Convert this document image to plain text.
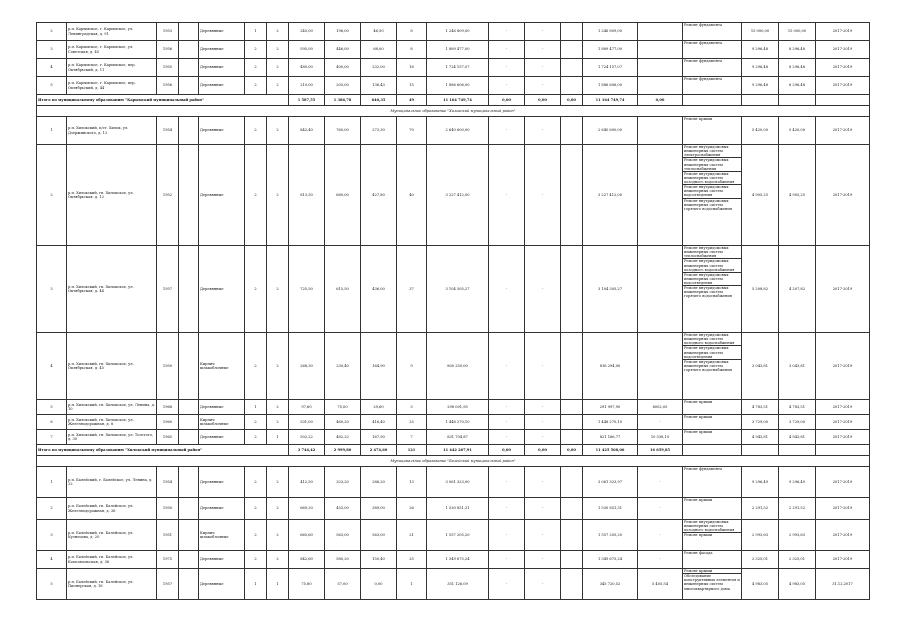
2	р.п. Карымское, г. Карымское, ул. Ленинградская, д. 91	1953		Деревянные	1	2	245,00	196,00	46,50	8	1 246 809,00	-	-		1 246 809,00		Ремонт фундамента	15 000,00	15 000,00	2017-2019
3	р.п. Карымское, г. Карымское, ул. Советская, д. 45	1956		Деревянные	2	2	595,00	446,00	68,00	8	1 889 477,00	-	-		1 889 477,00		Ремонт фундамента	9 296,48	8 296,48	2017-2019
4	р.п. Карымское, г. Карымское, пер. Октябрьский, д. 11	1955		Деревянные	2	2	480,00	400,00	232,00	16	1 724 157,07	-	-		1 724 157,07		Ремонт фундамента	9 296,48	8 296,48	2017-2019
5	р.п. Карымское, г. Карымское, пер. Октябрьский, д. 44	1956		Деревянные	2	2	210,00	205,00	136,43	15	1 886 606,00	-	-		1 886 606,00		Ремонт фундамента	9 296,48	8 296,48	2017-2019
Итого по муниципальному образованию "Карымский муниципальный район"							1 587,55	1 386,78	640,35	49	11 164 749,74	0,00	0,00	0,00	11 164 749,74	0,00				
Муниципальное образование "Хилокский муниципальный район"																				
1	р.п. Хилокский, п/ст. Хилок, ул. Дзержинского, д. 12	1954		Деревянные	2	2	842,40	760,00	273,30	70	2 640 600,00	-	-		2 640 600,00		Ремонт крыши	5 420,00	5 420,00	2017-2019
2	р.п. Хилокский, гп. Хилокское, ул. Октябрьская, д. 12	1952		Деревянные	2	2	813,50	680,00	427,80	40	3 227 412,00	-	-		3 227 412,00		Ремонт внутридомовых инженерных систем электроснабжения
Ремонт внутридомовых инженерных систем теплоснабжения
Ремонт внутридомовых инженерных систем холодного водоснабжения
Ремонт внутридомовых инженерных систем водоотведения
Ремонт внутридомовых инженерных систем горячего водоснабжения	4 905,25	4 905,25	2017-2019
3	р.п. Хилокский, гп. Хилокское, ул. Октябрьская, д. 44	1957		Деревянные	2	2	725,50	615,50	436,00	37	3 104 305,27	-	-		3 104 305,27		Ремонт внутридомовых инженерных систем теплоснабжения
Ремонт внутридомовых инженерных систем холодного водоснабжения
Ремонт внутридомовых инженерных систем водоотведения
Ремонт внутридомовых инженерных систем горячего водоснабжения	5 208,82	4 207,82	2017-2019
4	р.п. Хилокский, гп. Хилокское, ул. Октябрьская, д. 45	1950		Кирпич шлакоблочные	2	2	268,30	230,40	164,90	9	800 250,00	-	-		816 294,00		Ремонт внутридомовых инженерных систем холодного водоснабжения
Ремонт внутридомовых инженерных систем водоотведения
Ремонт внутридомовых инженерных систем горячего водоснабжения	3 043,81	3 043,81	2017-2019
5	р.п. Хилокский, гп. Хилокское, ул. Ленина, д. 10	1968		Деревянные	1	2	97,60	75,00	29,60	3	298 001,95	-	-		291 997,90	6002,05	Ремонт крыши	4 783,51	4 783,51	2017-2019
6	р.п. Хилокский, гп. Хилокское, ул. Железнодорожная, д. 8	1960		Кирпич шлакоблочные	2	2	531,00	460,20	416,40	25	1 448 270,10	-	-		1 448 270,10	-	Ремонт крыши	3 729,00	3 729,00	2017-2019
7	р.п. Хилокский, гп. Хилокское, ул. Толстого, д. 30	1965		Деревянные	2	1	502,22	482,22	167,90	7	831 704,87	-	-		821 166,77	10 538,10	Ремонт крыши	4 943,81	4 943,81	2017-2019
Итого по муниципальному образованию "Хилокский муниципальный район"							3 744,42	2 999,80	2 474,60	121	11 442 267,91	0,00	0,00	0,00	11 425 508,06	16 659,85				
Муниципальное образование "Балейский муниципальный район"																				
1	р.п. Балейский, г. Балейское, ул. Ленина, д. 22	1954		Деревянные	2	2	412,50	323,20	286,20	13	3 061 323,00	-	-		3 061 323,97	-	Ремонт фундамента	9 296,49	9 296,49	2017-2019
2	р.п. Балейский, гп. Балейское, ул. Железнодорожная, д. 36	1950		Деревянные	2	2	669,20	453,00	389,00	26	1 530 851,31	-	-		1 530 851,31	-	Ремонт крыши	2 291,52	2 291,52	2017-2019
3	р.п. Балейский, гп. Балейское, ул. Кузнецова, д. 20	1951		Кирпич шлакоблочные	2	2	665,60	563,00	563,00	21	1 557 205,20	-	-		1 557 205,20	-	Ремонт внутридомовых инженерных систем холодного водоснабжения
Ремонт крыши	2 993,63	2 993,63	2017-2019
4	р.п. Балейский, гп. Балейское, ул. Комсомольская, д. 36	1975		Деревянные	2	2	842,60	580,20	150,40	25	1 349 675,24	-	-		1 349 675,24	-	Ремонт фасада	2 325,01	2 325,01	2017-2019
5	р.п. Балейский, гп. Балейское, ул. Пионерская, д. 16	1957		Деревянные	1	1	75,80	57,00	0,00	1	351 126,09	-	-		345 720,52	5 405,54	Ремонт крыши
Обследование конструктивных элементов и инженерных систем многоквартирного дома	4 983,05	4 983,05	31.12.2017
